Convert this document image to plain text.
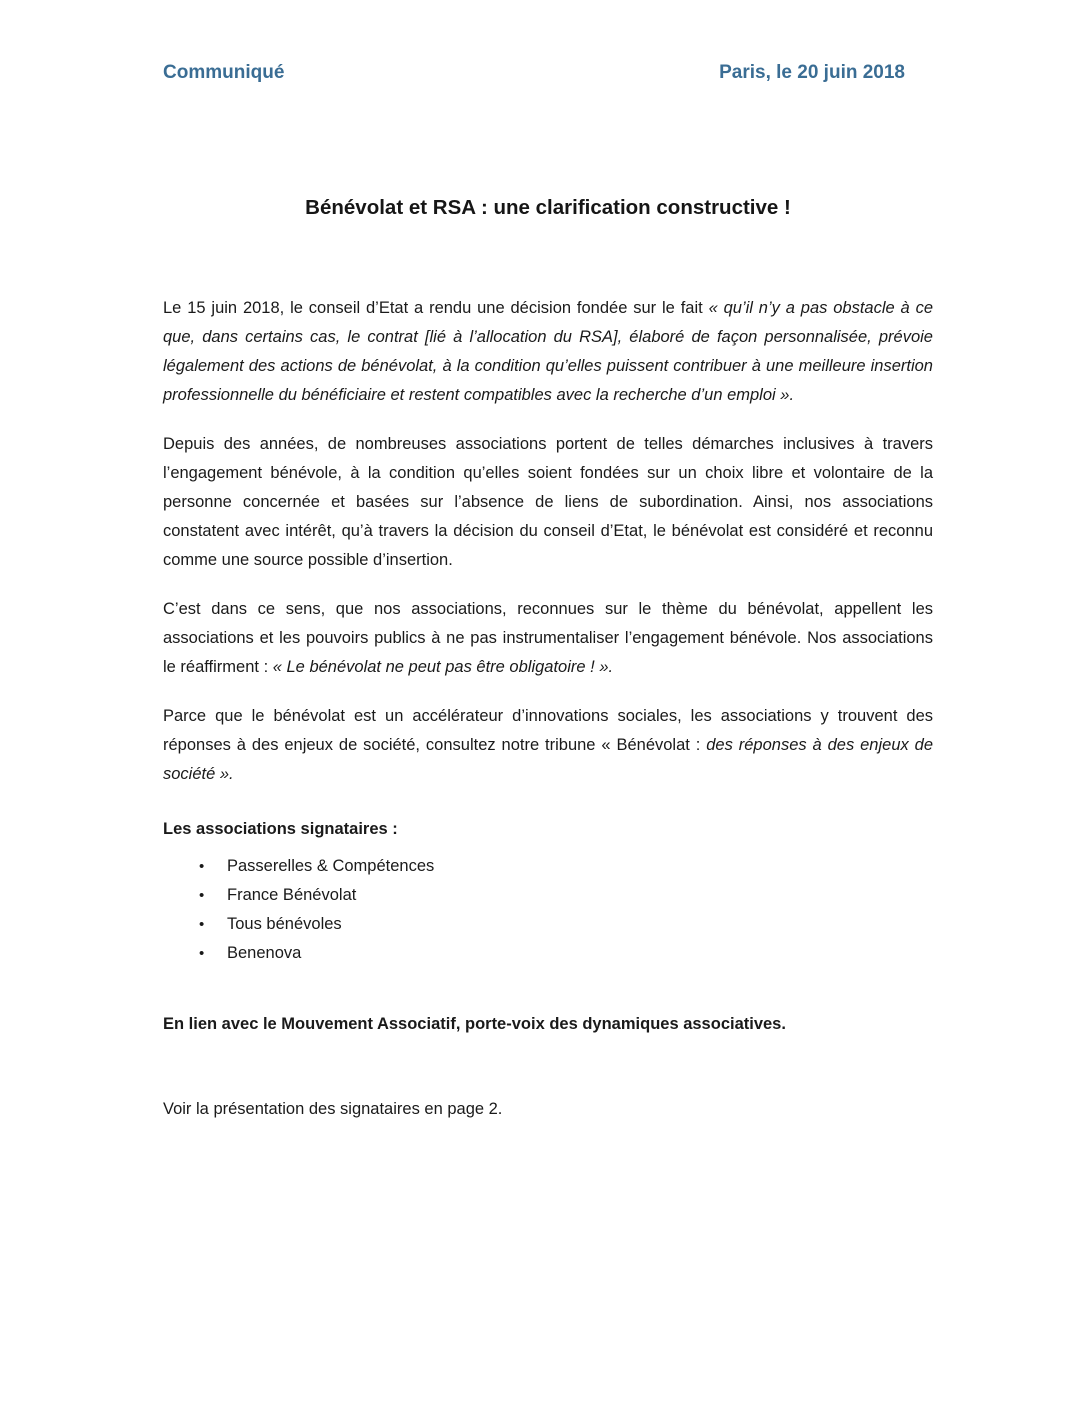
Communiqué	Paris, le 20 juin 2018
Bénévolat et RSA : une clarification constructive !

Le 15 juin 2018, le conseil d’Etat a rendu une décision fondée sur le fait « qu’il n’y a pas obstacle à ce que, dans certains cas, le contrat [lié à l’allocation du RSA], élaboré de façon personnalisée, prévoie légalement des actions de bénévolat, à la condition qu’elles puissent contribuer à une meilleure insertion professionnelle du bénéficiaire et restent compatibles avec la recherche d’un emploi ».

Depuis des années, de nombreuses associations portent de telles démarches inclusives à travers l’engagement bénévole, à la condition qu’elles soient fondées sur un choix libre et volontaire de la personne concernée et basées sur l’absence de liens de subordination. Ainsi, nos associations constatent avec intérêt, qu’à travers la décision du conseil d’Etat, le bénévolat est considéré et reconnu comme une source possible d’insertion.

C’est dans ce sens, que nos associations, reconnues sur le thème du bénévolat, appellent les associations et les pouvoirs publics à ne pas instrumentaliser l’engagement bénévole. Nos associations le réaffirment : « Le bénévolat ne peut pas être obligatoire ! ».

Parce que le bénévolat est un accélérateur d’innovations sociales, les associations y trouvent des réponses à des enjeux de société, consultez notre tribune « Bénévolat : des réponses à des enjeux de société ».

Les associations signataires :

•	Passerelles & Compétences
•	France Bénévolat
•	Tous bénévoles
•	Benenova

En lien avec le Mouvement Associatif, porte-voix des dynamiques associatives.

Voir la présentation des signataires en page 2.
